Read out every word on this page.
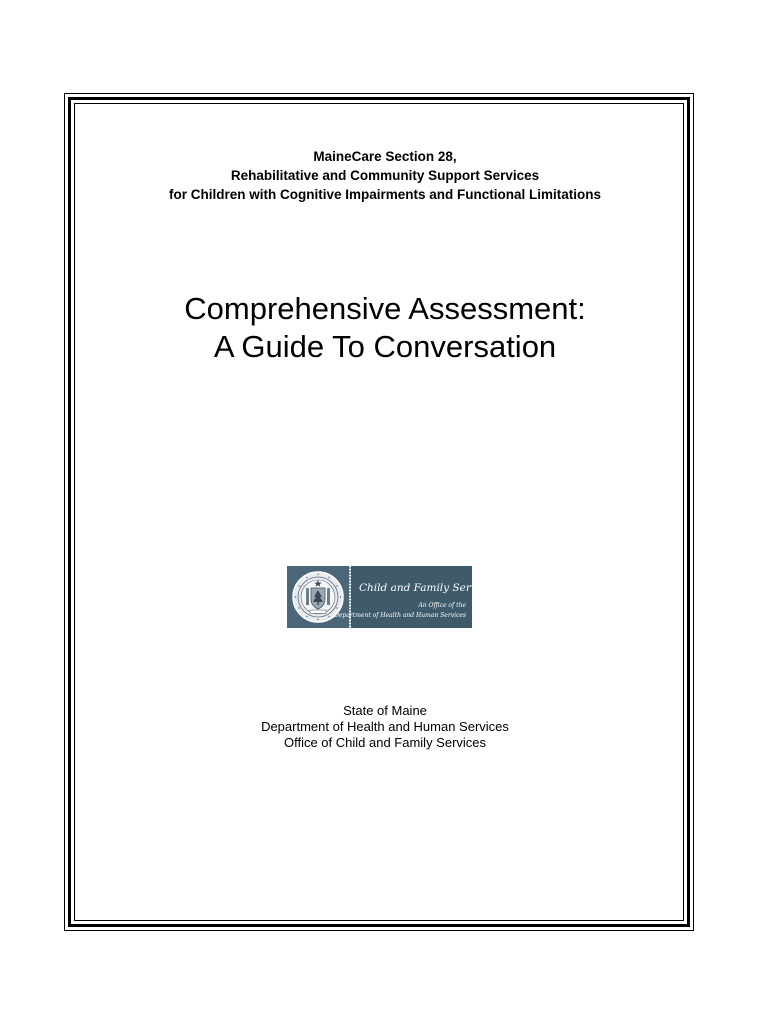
MaineCare Section 28,
Rehabilitative and Community Support Services
for Children with Cognitive Impairments and Functional Limitations
Comprehensive Assessment:
A Guide To Conversation
Child and Family Services
An Office of the
Department of Health and Human Services
State of Maine
Department of Health and Human Services
Office of Child and Family Services
